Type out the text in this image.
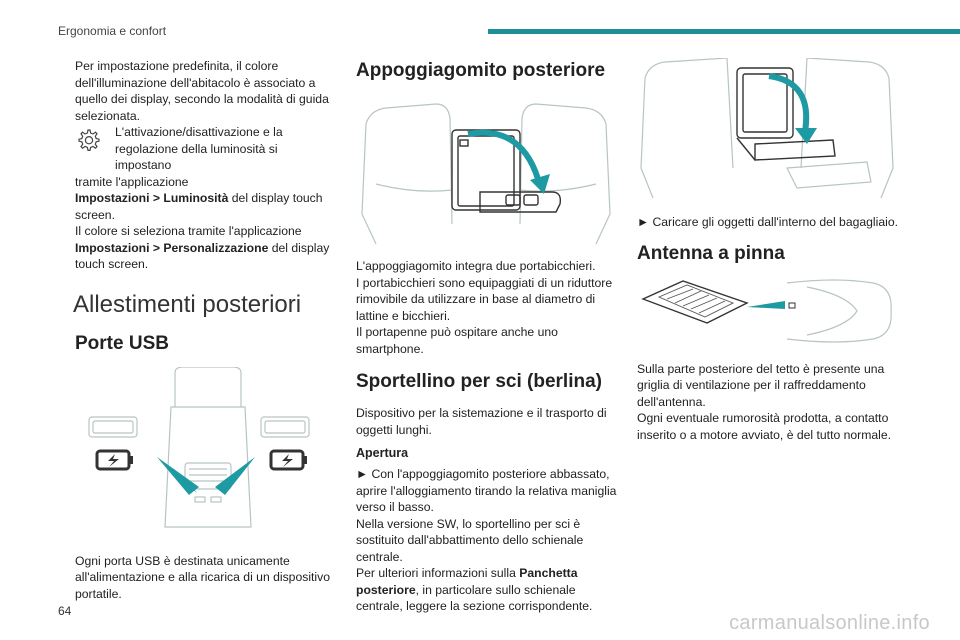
Ergonomia e confort

Per impostazione predefinita, il colore dell'illuminazione dell'abitacolo è associato a quello dei display, secondo la modalità di guida selezionata.

L'attivazione/disattivazione e la regolazione della luminosità si impostano

tramite l'applicazione

Impostazioni > Luminosità del display touch screen.

Il colore si seleziona tramite l'applicazione

Impostazioni > Personalizzazione del display touch screen.

Allestimenti posteriori
Porte USB

Ogni porta USB è destinata unicamente all'alimentazione e alla ricarica di un dispositivo portatile.

Appoggiagomito posteriore

L'appoggiagomito integra due portabicchieri.
I portabicchieri sono equipaggiati di un riduttore rimovibile da utilizzare in base al diametro di lattine e bicchieri.
Il portapenne può ospitare anche uno smartphone.

Sportellino per sci (berlina)

Dispositivo per la sistemazione e il trasporto di oggetti lunghi.

Apertura

► Con l'appoggiagomito posteriore abbassato, aprire l'alloggiamento tirando la relativa maniglia verso il basso.
Nella versione SW, lo sportellino per sci è sostituito dall'abbattimento dello schienale centrale.

Per ulteriori informazioni sulla Panchetta posteriore, in particolare sullo schienale centrale, leggere la sezione corrispondente.

► Caricare gli oggetti dall'interno del bagagliaio.

Antenna a pinna

Sulla parte posteriore del tetto è presente una griglia di ventilazione per il raffreddamento dell'antenna.
Ogni eventuale rumorosità prodotta, a contatto inserito o a motore avviato, è del tutto normale.

64
carmanualsonline.info
